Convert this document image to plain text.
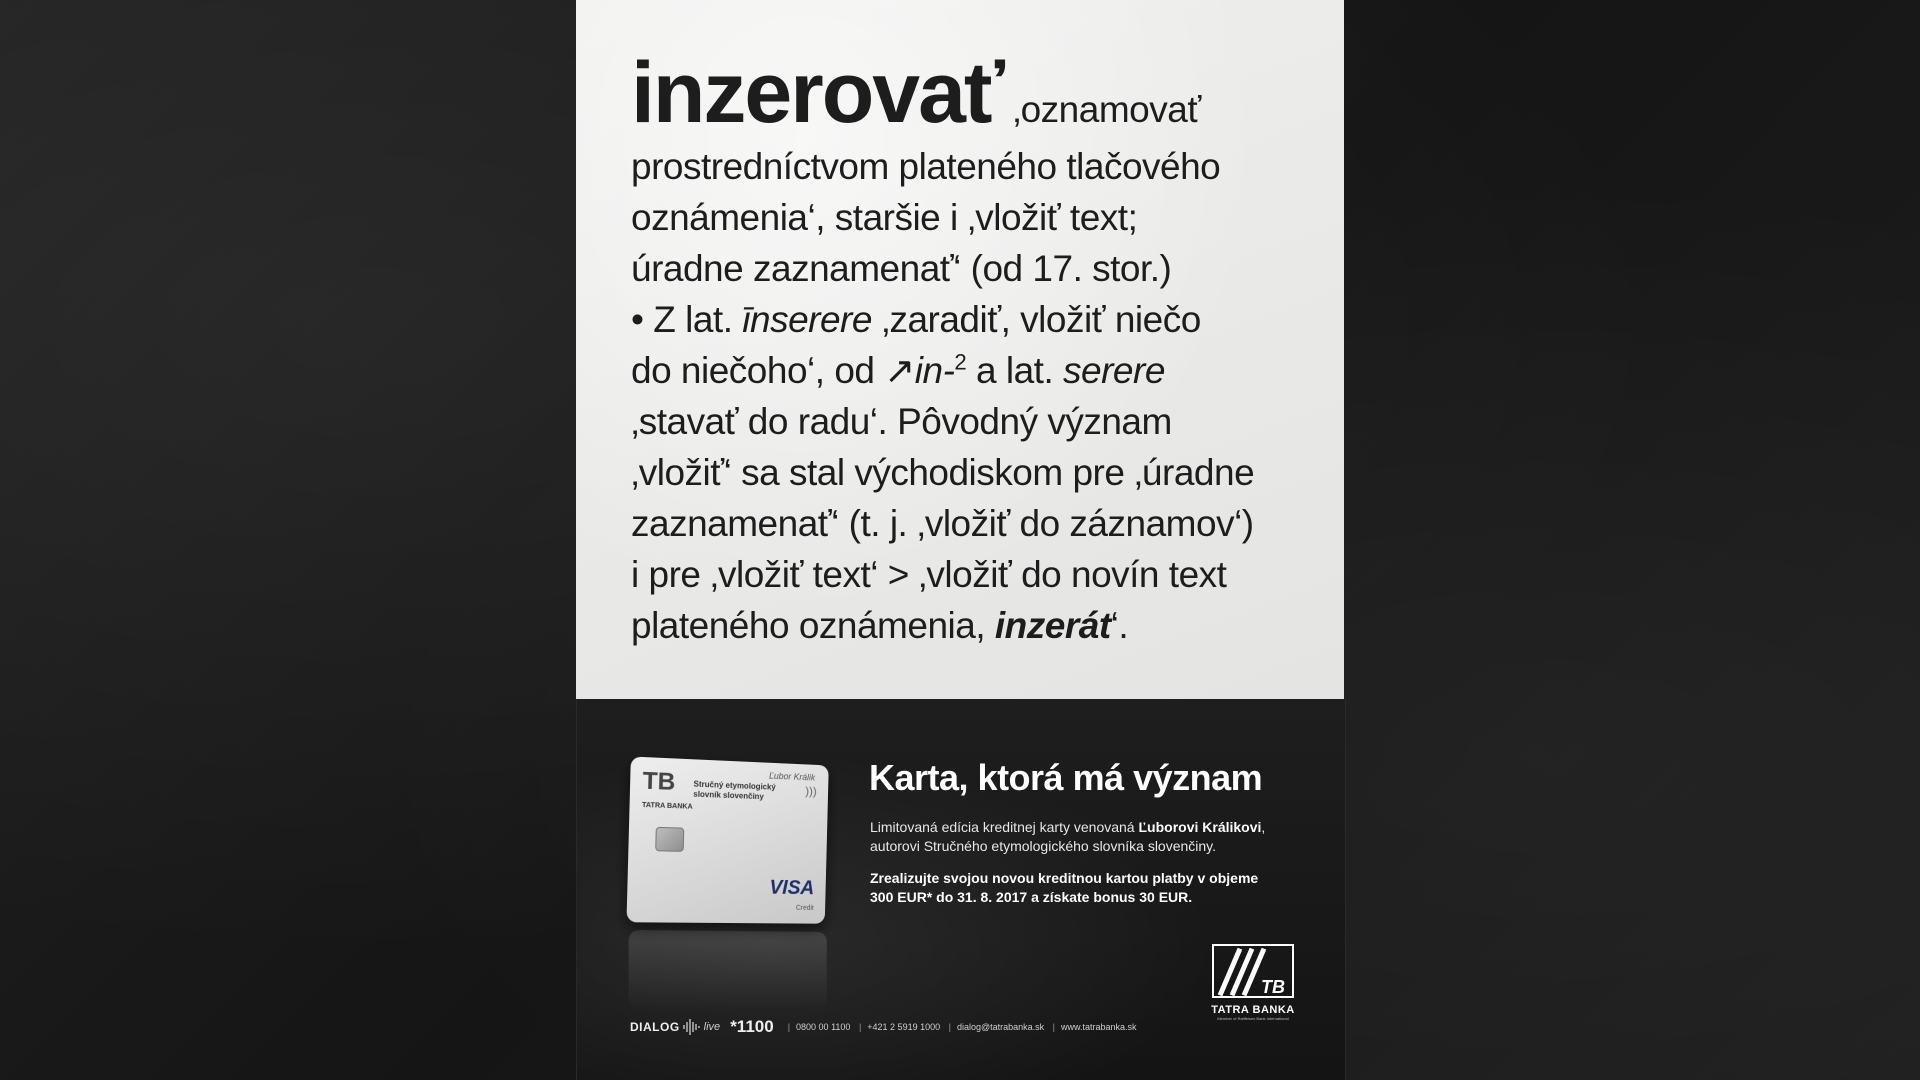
inzerovať ‚oznamovať
prostredníctvom plateného tlačového
oznámenia‘, staršie i ‚vložiť text;
úradne zaznamenať‘ (od 17. stor.)
• Z lat. īnserere ‚zaradiť, vložiť niečo
do niečoho‘, od ↗in-$^2$ a lat. serere
‚stavať do radu‘. Pôvodný význam
‚vložiť‘ sa stal východiskom pre ‚úradne
zaznamenať‘ (t. j. ‚vložiť do záznamov‘)
i pre ‚vložiť text‘ > ‚vložiť do novín text
plateného oznámenia, inzerát‘.
TB
TATRA BANKA
Stručný etymologický
slovník slovenčiny
Ľubor Králik
)))
VISA
Credit
Karta, ktorá má význam
Limitovaná edícia kreditnej karty venovaná Ľuborovi Králikovi,
autorovi Stručného etymologického slovníka slovenčiny.
Zrealizujte svojou novou kreditnou kartou platby v objeme
300 EUR* do 31. 8. 2017 a získate bonus 30 EUR.
DIALOG live *1100	| 0800 00 1100 | +421 2 5919 1000 | dialog@tatrabanka.sk | www.tatrabanka.sk
TB
TATRA BANKA
Member of Raiffeisen Bank International
